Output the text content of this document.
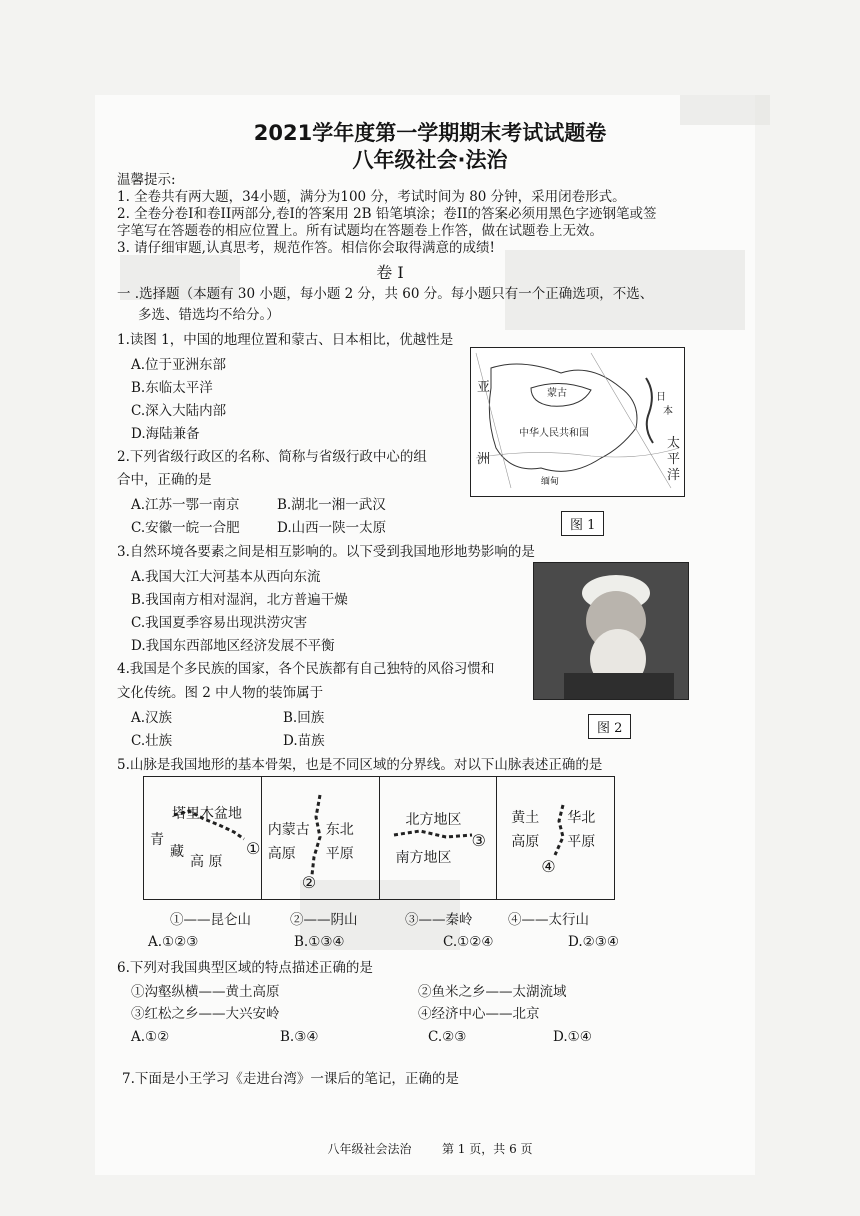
2021学年度第一学期期末考试试题卷
八年级社会·法治
温馨提示:
1. 全卷共有两大题，34小题，满分为100 分，考试时间为 80 分钟，采用闭卷形式。
2. 全卷分卷I和卷II两部分,卷I的答案用 2B 铅笔填涂；卷II的答案必须用黑色字迹钢笔或签
字笔写在答题卷的相应位置上。所有试题均在答题卷上作答，做在试题卷上无效。
3. 请仔细审题,认真思考，规范作答。相信你会取得满意的成绩!
卷 I
一 .选择题（本题有 30 小题，每小题 2 分，共 60 分。每小题只有一个正确选项，不选、
多选、错选均不给分。）
1.读图 1，中国的地理位置和蒙古、日本相比，优越性是
A.位于亚洲东部
B.东临太平洋
C.深入大陆内部
D.海陆兼备
亚
洲
蒙古
中华人民共和国
日
本
太
平
洋
缅甸
图 1
2.下列省级行政区的名称、简称与省级行政中心的组
合中，正确的是
A.江苏一鄂一南京	B.湖北一湘一武汉
C.安徽一皖一合肥	D.山西一陕一太原
3.自然环境各要素之间是相互影响的。以下受到我国地形地势影响的是
A.我国大江大河基本从西向东流
B.我国南方相对湿润，北方普遍干燥
C.我国夏季容易出现洪涝灾害
D.我国东西部地区经济发展不平衡
图 2
4.我国是个多民族的国家，各个民族都有自己独特的风俗习惯和
文化传统。图 2 中人物的装饰属于
A.汉族	B.回族
C.壮族	D.苗族
5.山脉是我国地形的基本骨架，也是不同区域的分界线。对以下山脉表述正确的是
塔里木盆地
青
藏
高 原
①
内蒙古
高原
东北
平原
②
北方地区
南方地区
③
黄土
高原
华北
平原
④
①——昆仑山	②——阴山	③——秦岭	④——太行山
A.①②③	B.①③④	C.①②④	D.②③④
6.下列对我国典型区域的特点描述正确的是
①沟壑纵横——黄土高原	②鱼米之乡——太湖流域
③红松之乡——大兴安岭	④经济中心——北京
A.①②	B.③④	C.②③	D.①④
7.下面是小王学习《走进台湾》一课后的笔记，正确的是
八年级社会法治        第 1 页，共 6 页
